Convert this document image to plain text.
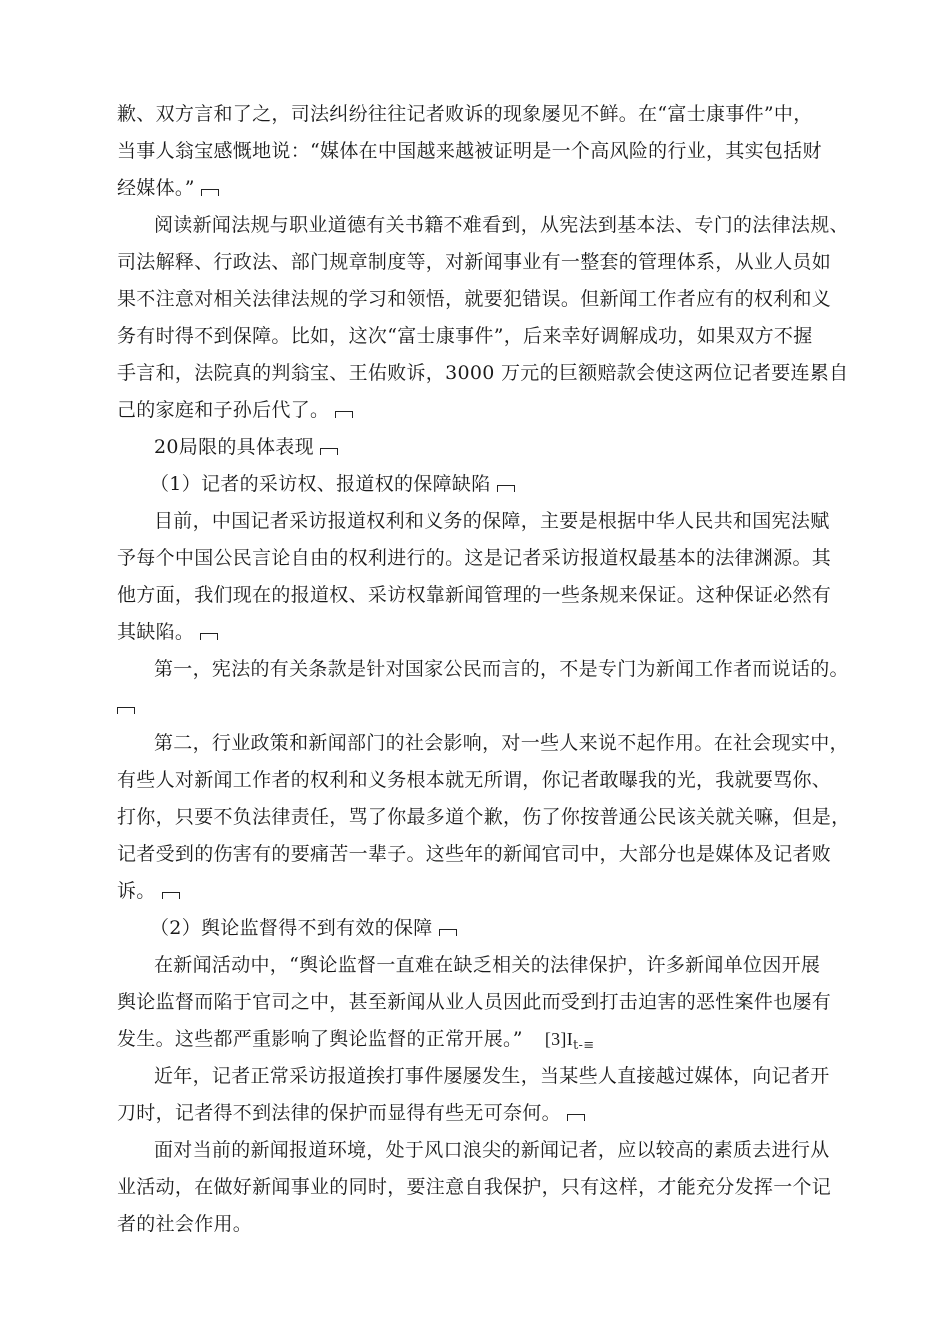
歉、双方言和了之，司法纠纷往往记者败诉的现象屡见不鲜。在“富士康事件”中，
当事人翁宝感慨地说：“媒体在中国越来越被证明是一个高风险的行业，其实包括财
经媒体。”
阅读新闻法规与职业道德有关书籍不难看到，从宪法到基本法、专门的法律法规、
司法解释、行政法、部门规章制度等，对新闻事业有一整套的管理体系，从业人员如
果不注意对相关法律法规的学习和领悟，就要犯错误。但新闻工作者应有的权利和义
务有时得不到保障。比如，这次“富士康事件”，后来幸好调解成功，如果双方不握
手言和，法院真的判翁宝、王佑败诉，3000 万元的巨额赔款会使这两位记者要连累自
己的家庭和子孙后代了。
20局限的具体表现
（1）记者的采访权、报道权的保障缺陷
目前，中国记者采访报道权利和义务的保障，主要是根据中华人民共和国宪法赋
予每个中国公民言论自由的权利进行的。这是记者采访报道权最基本的法律渊源。其
他方面，我们现在的报道权、采访权靠新闻管理的一些条规来保证。这种保证必然有
其缺陷。
第一，宪法的有关条款是针对国家公民而言的，不是专门为新闻工作者而说话的。
第二，行业政策和新闻部门的社会影响，对一些人来说不起作用。在社会现实中，
有些人对新闻工作者的权利和义务根本就无所谓，你记者敢曝我的光，我就要骂你、
打你，只要不负法律责任，骂了你最多道个歉，伤了你按普通公民该关就关嘛，但是，
记者受到的伤害有的要痛苦一辈子。这些年的新闻官司中，大部分也是媒体及记者败
诉。
（2）舆论监督得不到有效的保障
在新闻活动中，“舆论监督一直难在缺乏相关的法律保护，许多新闻单位因开展
舆论监督而陷于官司之中，甚至新闻从业人员因此而受到打击迫害的恶性案件也屡有
发生。这些都严重影响了舆论监督的正常开展。” $[3]I_{t-\equiv}$
近年，记者正常采访报道挨打事件屡屡发生，当某些人直接越过媒体，向记者开
刀时，记者得不到法律的保护而显得有些无可奈何。
面对当前的新闻报道环境，处于风口浪尖的新闻记者，应以较高的素质去进行从
业活动，在做好新闻事业的同时，要注意自我保护，只有这样，才能充分发挥一个记
者的社会作用。
